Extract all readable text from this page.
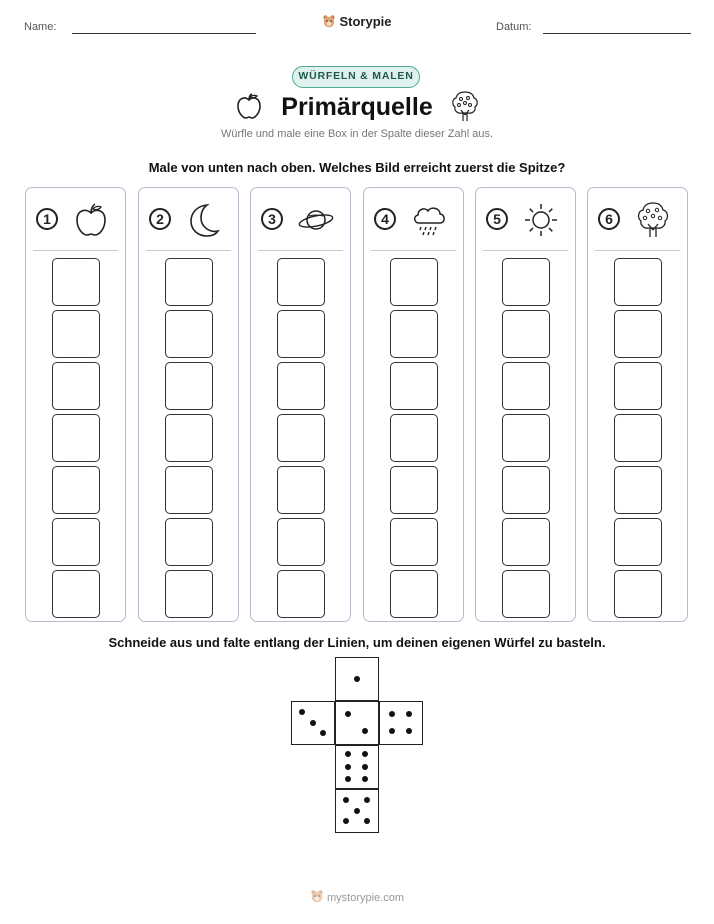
Name:	Storypie	Datum:
WÜRFELN & MALEN
Primärquelle
Würfle und male eine Box in der Spalte dieser Zahl aus.
Male von unten nach oben. Welches Bild erreicht zuerst die Spitze?
1	2	3	4	5	6
Schneide aus und falte entlang der Linien, um deinen eigenen Würfel zu basteln.
mystorypie.com
